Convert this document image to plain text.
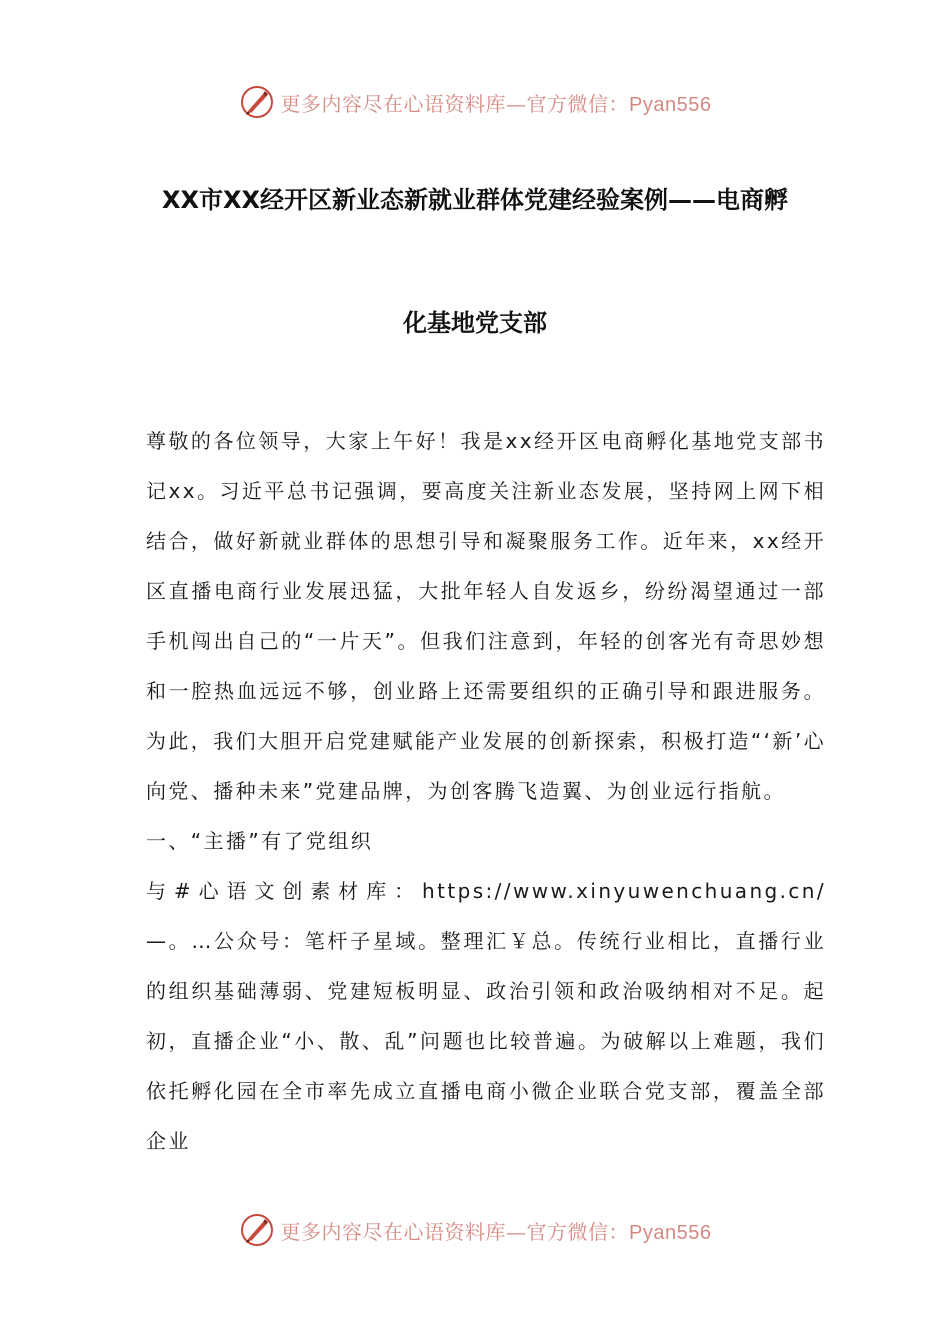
更多内容尽在心语资料库—官方微信：Pyan556
XX市XX经开区新业态新就业群体党建经验案例——电商孵
化基地党支部

尊敬的各位领导，大家上午好！我是xx经开区电商孵化基地党支部书记xx。习近平总书记强调，要高度关注新业态发展，坚持网上网下相结合，做好新就业群体的思想引导和凝聚服务工作。近年来，xx经开区直播电商行业发展迅猛，大批年轻人自发返乡，纷纷渴望通过一部手机闯出自己的“一片天”。但我们注意到，年轻的创客光有奇思妙想和一腔热血远远不够，创业路上还需要组织的正确引导和跟进服务。为此，我们大胆开启党建赋能产业发展的创新探索，积极打造“‘新’心向党、播种未来”党建品牌，为创客腾飞造翼、为创业远行指航。

一、“主播”有了党组织

与#心语文创素材库：https://www.xinyuwenchuang.cn/—。…公众号：笔杆子星域。整理汇￥总。传统行业相比，直播行业的组织基础薄弱、党建短板明显、政治引领和政治吸纳相对不足。起初，直播企业“小、散、乱”问题也比较普遍。为破解以上难题，我们依托孵化园在全市率先成立直播电商小微企业联合党支部，覆盖全部企业

更多内容尽在心语资料库—官方微信：Pyan556
